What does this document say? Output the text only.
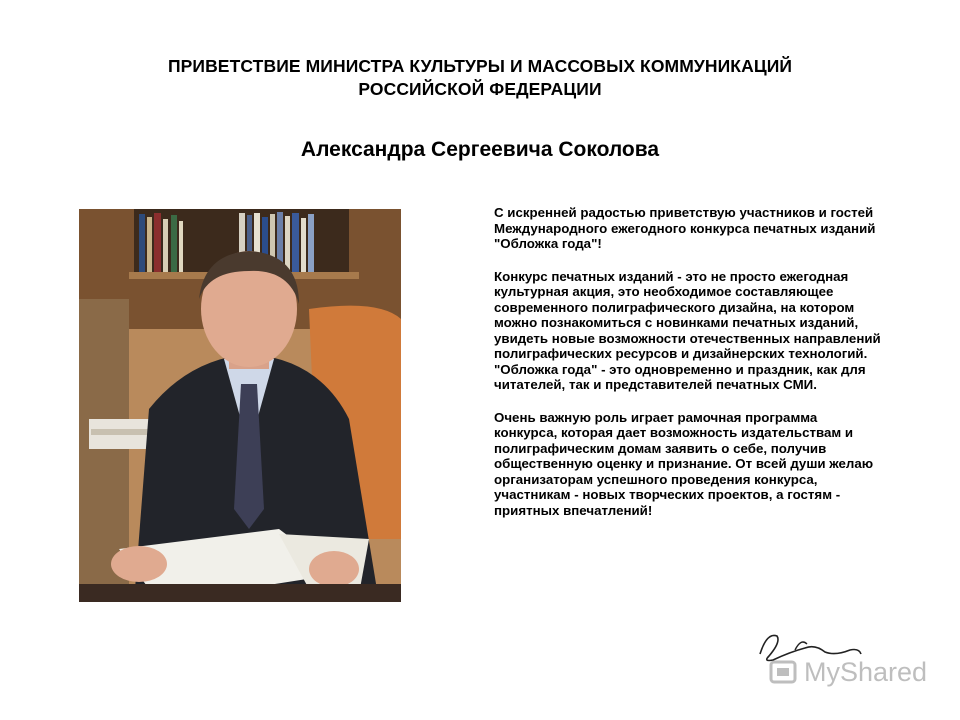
ПРИВЕТСТВИЕ МИНИСТРА КУЛЬТУРЫ И МАССОВЫХ КОММУНИКАЦИЙ
РОССИЙСКОЙ ФЕДЕРАЦИИ
Александра Сергеевича Соколова

С искренней радостью приветствую участников и гостей Международного ежегодного конкурса печатных изданий "Обложка года"!

Конкурс печатных изданий - это не просто ежегодная культурная акция, это необходимое составляющее современного полиграфического дизайна, на котором можно познакомиться с новинками печатных изданий, увидеть новые возможности отечественных направлений полиграфических ресурсов и дизайнерских технологий. "Обложка года" - это одновременно и праздник, как для читателей, так и представителей печатных СМИ.

Очень важную роль играет рамочная программа конкурса, которая дает возможность издательствам и полиграфическим домам заявить о себе, получив общественную оценку и признание. От всей души желаю организаторам успешного проведения конкурса, участникам - новых творческих проектов, а гостям - приятных впечатлений!

MyShared
